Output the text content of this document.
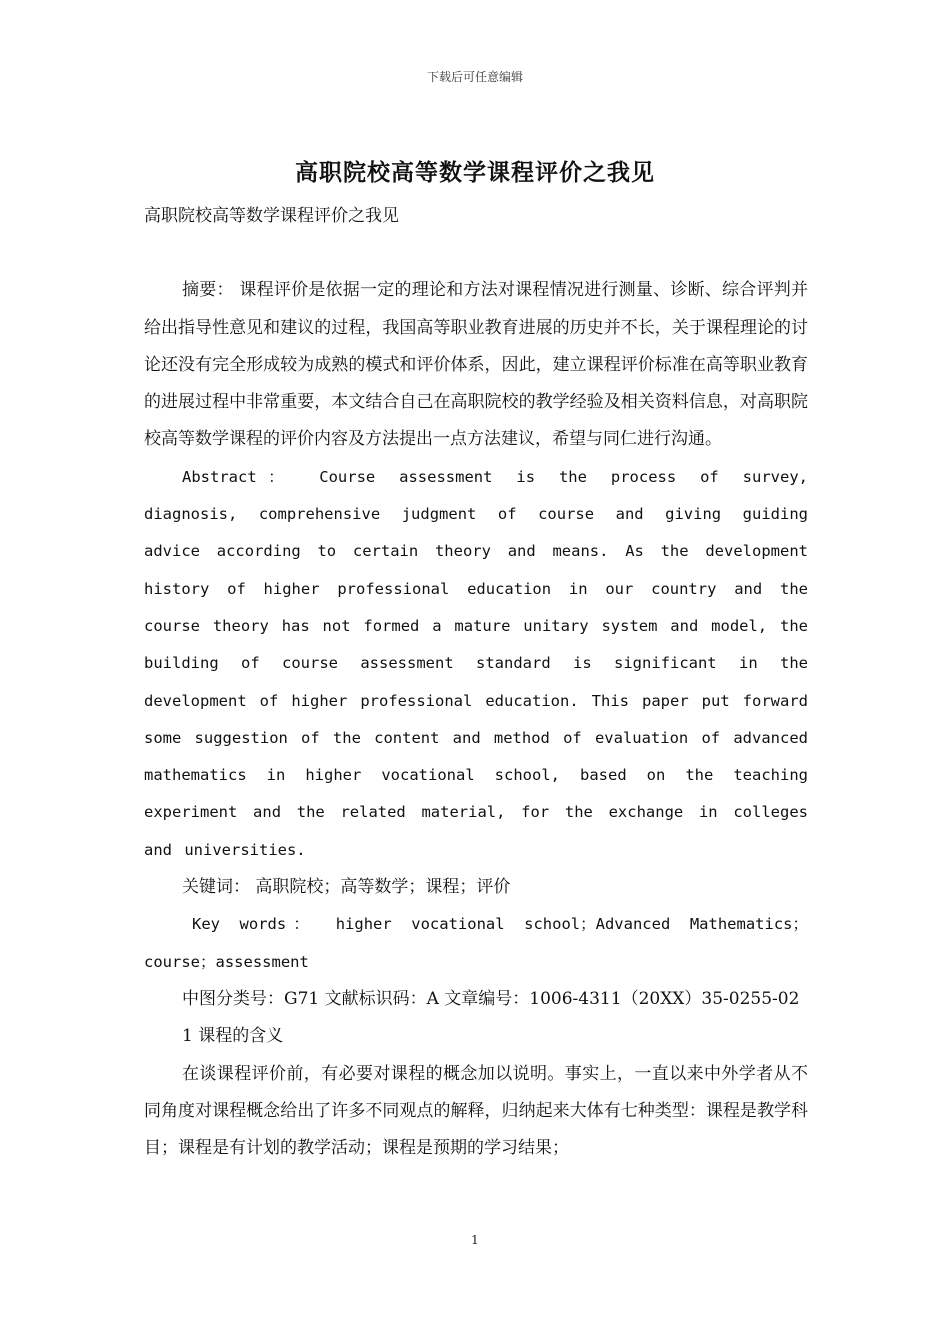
下载后可任意编辑
高职院校高等数学课程评价之我见

高职院校高等数学课程评价之我见

摘要： 课程评价是依据一定的理论和方法对课程情况进行测量、诊断、综合评判并给出指导性意见和建议的过程，我国高等职业教育进展的历史并不长，关于课程理论的讨论还没有完全形成较为成熟的模式和评价体系，因此，建立课程评价标准在高等职业教育的进展过程中非常重要，本文结合自己在高职院校的教学经验及相关资料信息，对高职院校高等数学课程的评价内容及方法提出一点方法建议，希望与同仁进行沟通。

Abstract： Course assessment is the process of survey, diagnosis, comprehensive judgment of course and giving guiding advice according to certain theory and means. As the development history of higher professional education in our country and the course theory has not formed a mature unitary system and model, the building of course assessment standard is significant in the development of higher professional education. This paper put forward some suggestion of the content and method of evaluation of advanced mathematics in higher vocational school, based on the teaching experiment and the related material, for the exchange in colleges and universities.

关键词： 高职院校；高等数学；课程；评价

Key words： higher vocational school；Advanced Mathematics；course；assessment

中图分类号：G71 文献标识码：A 文章编号：1006-4311（20XX）35-0255-02

1 课程的含义

在谈课程评价前，有必要对课程的概念加以说明。事实上，一直以来中外学者从不同角度对课程概念给出了许多不同观点的解释，归纳起来大体有七种类型：课程是教学科目；课程是有计划的教学活动；课程是预期的学习结果；

1
